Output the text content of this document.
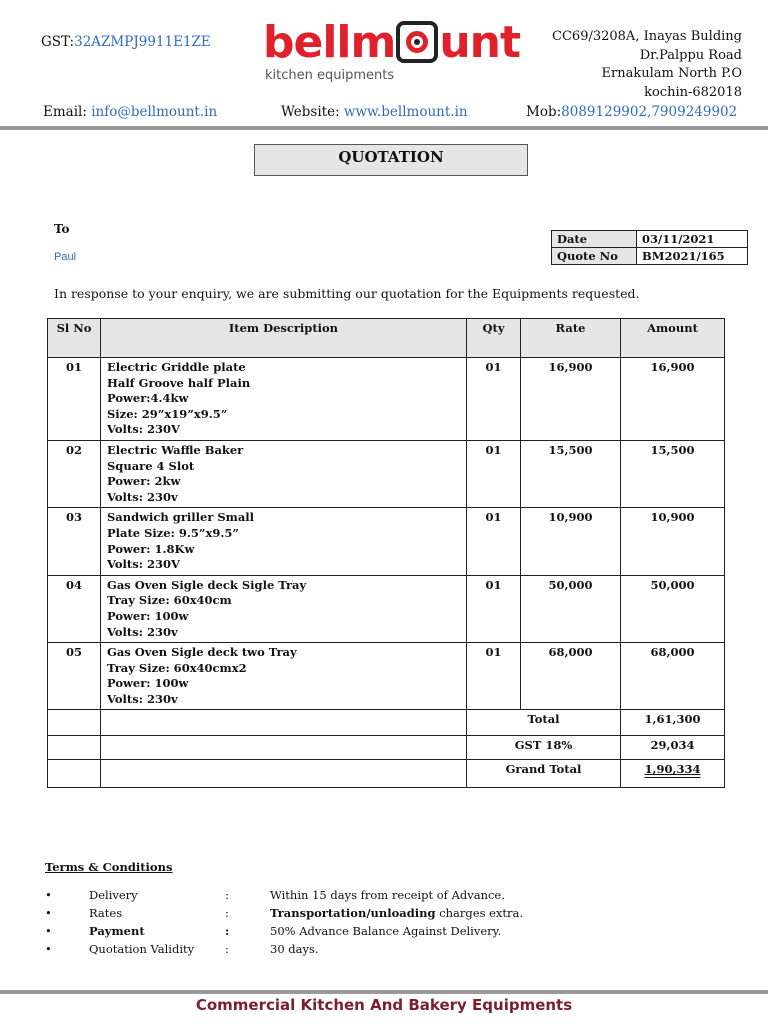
GST:32AZMPJ9911E1ZE bellm unt
kitchen equipments
CC69/3208A, Inayas Bulding
Dr.Palppu Road
Ernakulam North P.O
kochin-682018
Email: info@bellmount.in	Website: www.bellmount.in	Mob:8089129902,7909249902
QUOTATION
To
Paul
Date	03/11/2021
Quote No	BM2021/165
In response to your enquiry, we are submitting our quotation for the Equipments requested.
Sl No	Item Description	Qty	Rate	Amount
01	Electric Griddle plate
Half Groove half Plain
Power:4.4kw
Size: 29”x19”x9.5”
Volts: 230V	01	16,900	16,900
02	Electric Waffle Baker
Square 4 Slot
Power: 2kw
Volts: 230v	01	15,500	15,500
03	Sandwich griller Small
Plate Size: 9.5”x9.5”
Power: 1.8Kw
Volts: 230V	01	10,900	10,900
04	Gas Oven Sigle deck Sigle Tray
Tray Size: 60x40cm
Power: 100w
Volts: 230v	01	50,000	50,000
05	Gas Oven Sigle deck two Tray
Tray Size: 60x40cmx2
Power: 100w
Volts: 230v	01	68,000	68,000
		Total		1,61,300
		GST 18%		29,034
		Grand Total		1,90,334
Terms & Conditions
•	Delivery	:	Within 15 days from receipt of Advance.
•	Rates	:	Transportation/unloading charges extra.
•	Payment	:	50% Advance Balance Against Delivery.
•	Quotation Validity	:	30 days.
Commercial Kitchen And Bakery Equipments
